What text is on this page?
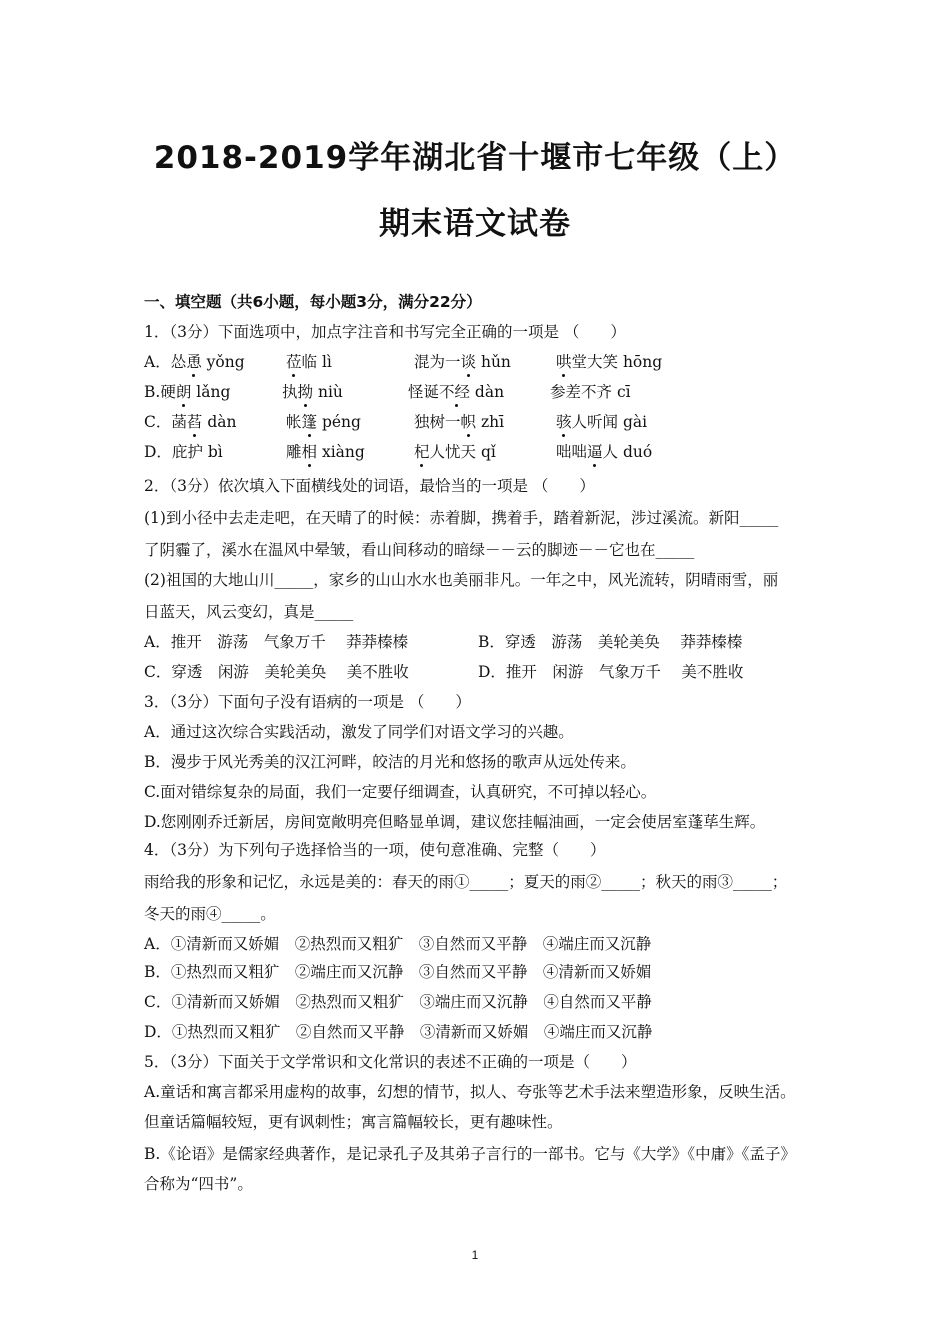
2018-2019学年湖北省十堰市七年级（上）
期末语文试卷
一、填空题（共6小题，每小题3分，满分22分）
1．（3分）下面选项中，加点字注音和书写完全正确的一项是 （　　）
A．怂恿 yǒng	莅临 lì	混为一谈 hǔn	哄堂大笑 hōng
B.硬朗 lǎng	执拗 niù	怪诞不经 dàn	参差不齐 cī
C．菡萏 dàn	帐篷 péng	独树一帜 zhī	骇人听闻 gài
D．庇护 bì	雕相 xiàng	杞人忧天 qǐ	咄咄逼人 duó
2．（3分）依次填入下面横线处的词语，最恰当的一项是 （　　）
(1)到小径中去走走吧，在天晴了的时候：赤着脚，携着手，踏着新泥，涉过溪流。新阳_____
了阴霾了，溪水在温风中晕皱，看山间移动的暗绿－－云的脚迹－－它也在_____
(2)祖国的大地山川_____，家乡的山山水水也美丽非凡。一年之中，风光流转，阴晴雨雪，丽
日蓝天，风云变幻，真是_____
A．推开　游荡　气象万千　 莽莽榛榛	B．穿透　游荡　美轮美奂　 莽莽榛榛
C．穿透　闲游　美轮美奂　 美不胜收	D．推开　闲游　气象万千　 美不胜收
3．（3分）下面句子没有语病的一项是 （　　）
A．通过这次综合实践活动，激发了同学们对语文学习的兴趣。
B．漫步于风光秀美的汉江河畔，皎洁的月光和悠扬的歌声从远处传来。
C.面对错综复杂的局面，我们一定要仔细调查，认真研究，不可掉以轻心。
D.您刚刚乔迁新居，房间宽敞明亮但略显单调，建议您挂幅油画，一定会使居室蓬荜生辉。
4．（3分）为下列句子选择恰当的一项，使句意准确、完整（　　）
雨给我的形象和记忆，永远是美的：春天的雨①_____；夏天的雨②_____；秋天的雨③_____；
冬天的雨④_____。
A．①清新而又娇媚　②热烈而又粗犷　③自然而又平静　④端庄而又沉静
B．①热烈而又粗犷　②端庄而又沉静　③自然而又平静　④清新而又娇媚
C．①清新而又娇媚　②热烈而又粗犷　③端庄而又沉静　④自然而又平静
D．①热烈而又粗犷　②自然而又平静　③清新而又娇媚　④端庄而又沉静
5．（3分）下面关于文学常识和文化常识的表述不正确的一项是（　　）
A.童话和寓言都采用虚构的故事，幻想的情节，拟人、夸张等艺术手法来塑造形象，反映生活。
但童话篇幅较短，更有讽刺性；寓言篇幅较长，更有趣味性。
B.《论语》是儒家经典著作，是记录孔子及其弟子言行的一部书。它与《大学》《中庸》《孟子》
合称为“四书”。
1
